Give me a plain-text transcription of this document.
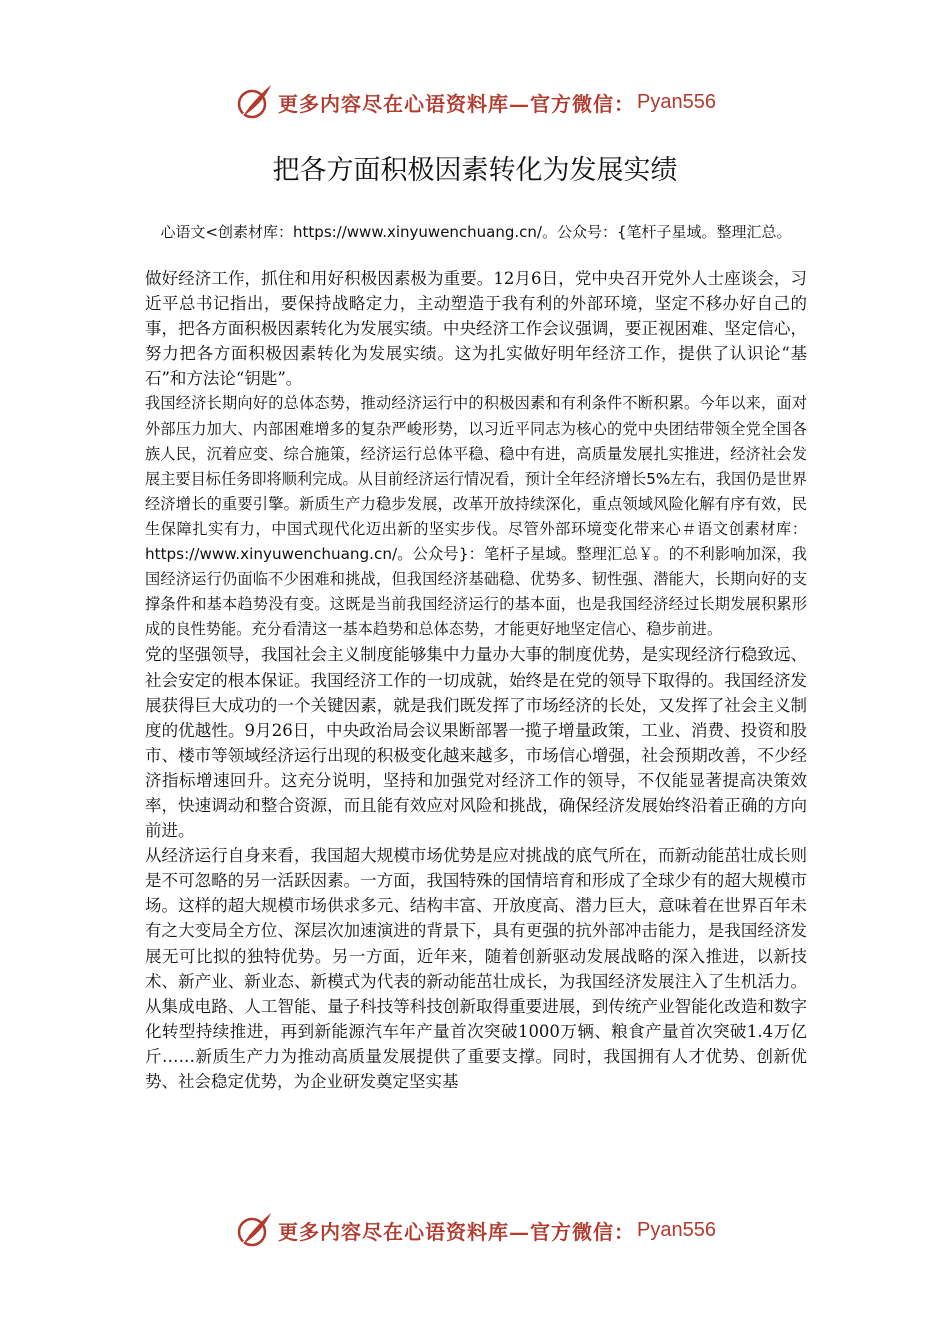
更多内容尽在心语资料库—官方微信： Pyan556
把各方面积极因素转化为发展实绩

心语文<创素材库：https://www.xinyuwenchuang.cn/。公众号：{笔杆子星域。整理汇总。

做好经济工作，抓住和用好积极因素极为重要。12月6日，党中央召开党外人士座谈会，习近平总书记指出，要保持战略定力，主动塑造于我有利的外部环境，坚定不移办好自己的事，把各方面积极因素转化为发展实绩。中央经济工作会议强调，要正视困难、坚定信心，努力把各方面积极因素转化为发展实绩。这为扎实做好明年经济工作，提供了认识论“基石”和方法论“钥匙”。

我国经济长期向好的总体态势，推动经济运行中的积极因素和有利条件不断积累。今年以来，面对外部压力加大、内部困难增多的复杂严峻形势，以习近平同志为核心的党中央团结带领全党全国各族人民，沉着应变、综合施策，经济运行总体平稳、稳中有进，高质量发展扎实推进，经济社会发展主要目标任务即将顺利完成。从目前经济运行情况看，预计全年经济增长5%左右，我国仍是世界经济增长的重要引擎。新质生产力稳步发展，改革开放持续深化，重点领域风险化解有序有效，民生保障扎实有力，中国式现代化迈出新的坚实步伐。尽管外部环境变化带来心＃语文创素材库：https://www.xinyuwenchuang.cn/。公众号}：笔杆子星域。整理汇总￥。的不利影响加深，我国经济运行仍面临不少困难和挑战，但我国经济基础稳、优势多、韧性强、潜能大，长期向好的支撑条件和基本趋势没有变。这既是当前我国经济运行的基本面，也是我国经济经过长期发展积累形成的良性势能。充分看清这一基本趋势和总体态势，才能更好地坚定信心、稳步前进。

党的坚强领导，我国社会主义制度能够集中力量办大事的制度优势，是实现经济行稳致远、社会安定的根本保证。我国经济工作的一切成就，始终是在党的领导下取得的。我国经济发展获得巨大成功的一个关键因素，就是我们既发挥了市场经济的长处，又发挥了社会主义制度的优越性。9月26日，中央政治局会议果断部署一揽子增量政策，工业、消费、投资和股市、楼市等领域经济运行出现的积极变化越来越多，市场信心增强，社会预期改善，不少经济指标增速回升。这充分说明，坚持和加强党对经济工作的领导，不仅能显著提高决策效率，快速调动和整合资源，而且能有效应对风险和挑战，确保经济发展始终沿着正确的方向前进。

从经济运行自身来看，我国超大规模市场优势是应对挑战的底气所在，而新动能茁壮成长则是不可忽略的另一活跃因素。一方面，我国特殊的国情培育和形成了全球少有的超大规模市场。这样的超大规模市场供求多元、结构丰富、开放度高、潜力巨大，意味着在世界百年未有之大变局全方位、深层次加速演进的背景下，具有更强的抗外部冲击能力，是我国经济发展无可比拟的独特优势。另一方面，近年来，随着创新驱动发展战略的深入推进，以新技术、新产业、新业态、新模式为代表的新动能茁壮成长，为我国经济发展注入了生机活力。从集成电路、人工智能、量子科技等科技创新取得重要进展，到传统产业智能化改造和数字化转型持续推进，再到新能源汽车年产量首次突破1000万辆、粮食产量首次突破1.4万亿斤……新质生产力为推动高质量发展提供了重要支撑。同时，我国拥有人才优势、创新优势、社会稳定优势，为企业研发奠定坚实基

更多内容尽在心语资料库—官方微信： Pyan556
